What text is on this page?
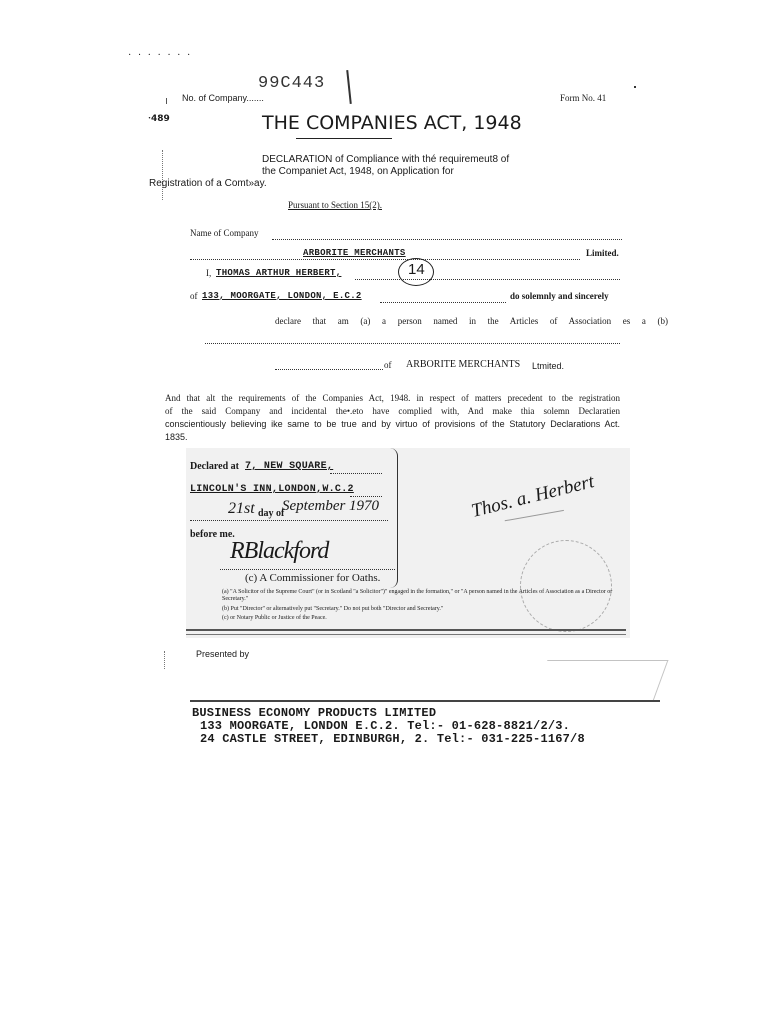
· · · · · · ·
No. of Company.......
99C443
Form No. 41
·𝟰𝟴𝟵	THE COMPANIES ACT, 1948
DECLARATION of Compliance with thé requiremeut8 of
the Companiet Act, 1948, on Application for
Registration of a Comt»ay.
Pursuant to Section 15(2).
Name of Company
ARBORITE MERCHANTS	Limited.
I, THOMAS ARTHUR HERBERT,	14
of 133, MOORGATE, LONDON, E.C.2	do solemnly and sincerely
declare that am (a) a person named in the Articles of Association es a (b)
of ARBORITE MERCHANTS Ltmited.
And that alt the requirements of the Companies Act, 1948. in respect of matters precedent to tbe registration
of the said Company and incidental the•.eto have complied with, And make thia solemn Declaratien
conscientiously believing ike same to be true and by virtuo of provisions of the Statutory Declarations Act.
1835.
Declared at 7, NEW SQUARE,
LINCOLN'S INN,LONDON,W.C.2
21st day of
September 1970
before me.
RBlackford
(c) A Commissioner for Oaths.
Thos. a. Herbert
(a) "A Solicitor of the Supreme Court" (or in Scotland "a Solicitor")" engaged in the formation," or "A person named in the Articles of Association as a Director or Secretary."
(b) Put "Director" or alternatively put "Secretary." Do not put both "Director and Secretary."
(c) or Notary Public or Justice of the Peace.
Presented by
BUSINESS ECONOMY PRODUCTS LIMITED
133 MOORGATE, LONDON E.C.2. Tel:- 01-628-8821/2/3.
24 CASTLE STREET, EDINBURGH, 2. Tel:- 031-225-1167/8
